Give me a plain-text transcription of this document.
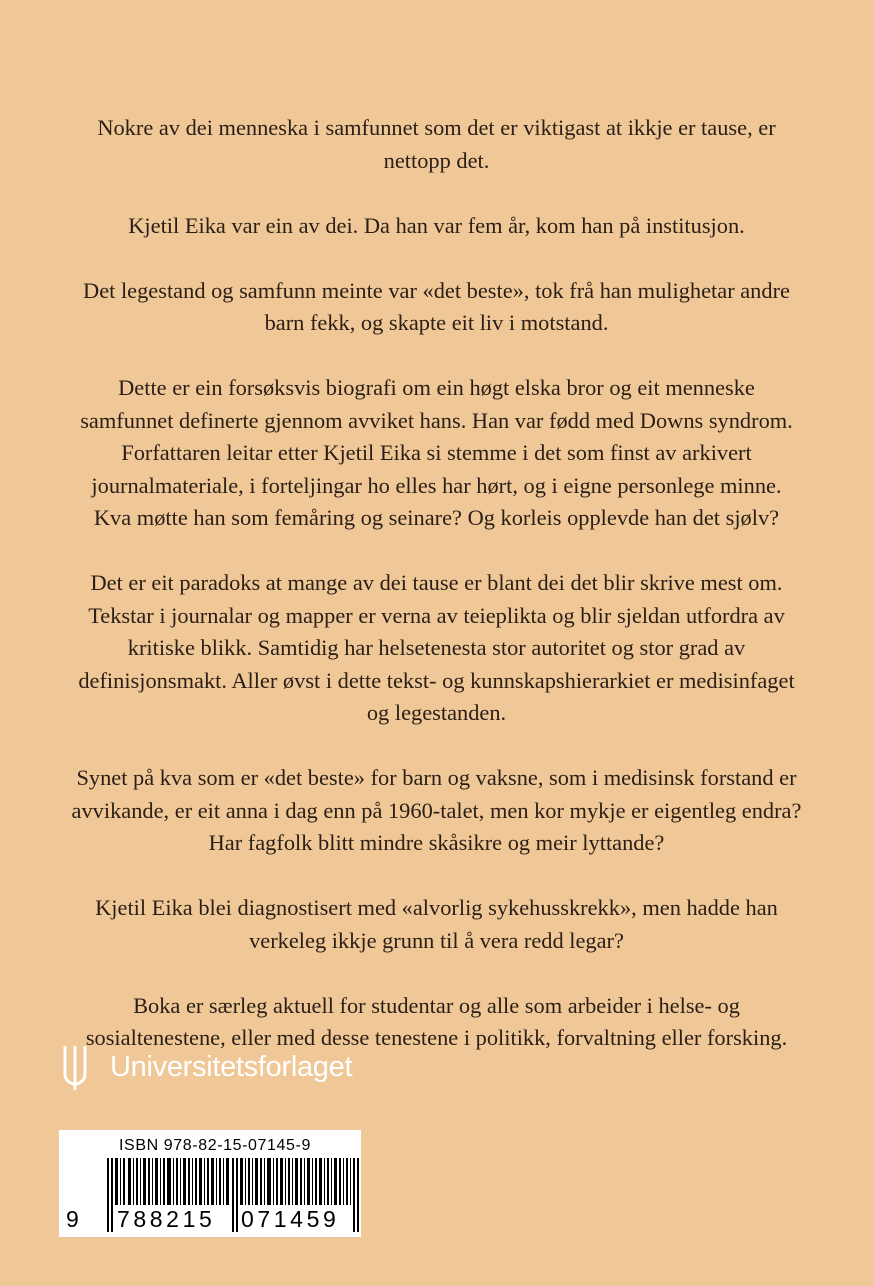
Nokre av dei menneska i samfunnet som det er viktigast at ikkje er tause, er nettopp det.

Kjetil Eika var ein av dei. Da han var fem år, kom han på institusjon.

Det legestand og samfunn meinte var «det beste», tok frå han mulighetar andre barn fekk, og skapte eit liv i motstand.

Dette er ein forsøksvis biografi om ein høgt elska bror og eit menneske samfunnet definerte gjennom avviket hans. Han var fødd med Downs syndrom. Forfattaren leitar etter Kjetil Eika si stemme i det som finst av arkivert journalmateriale, i forteljingar ho elles har hørt, og i eigne personlege minne. Kva møtte han som femåring og seinare? Og korleis opplevde han det sjølv?

Det er eit paradoks at mange av dei tause er blant dei det blir skrive mest om. Tekstar i journalar og mapper er verna av teieplikta og blir sjeldan utfordra av kritiske blikk. Samtidig har helsetenesta stor autoritet og stor grad av definisjonsmakt. Aller øvst i dette tekst- og kunnskapshierarkiet er medisinfaget og legestanden.

Synet på kva som er «det beste» for barn og vaksne, som i medisinsk forstand er avvikande, er eit anna i dag enn på 1960-talet, men kor mykje er eigentleg endra? Har fagfolk blitt mindre skåsikre og meir lyttande?

Kjetil Eika blei diagnostisert med «alvorlig sykehusskrekk», men hadde han verkeleg ikkje grunn til å vera redd legar?

Boka er særleg aktuell for studentar og alle som arbeider i helse- og sosialtenestene, eller med desse tenestene i politikk, forvaltning eller forsking.

Universitetsforlaget
ISBN 978-82-15-07145-9
9 788215 071459
